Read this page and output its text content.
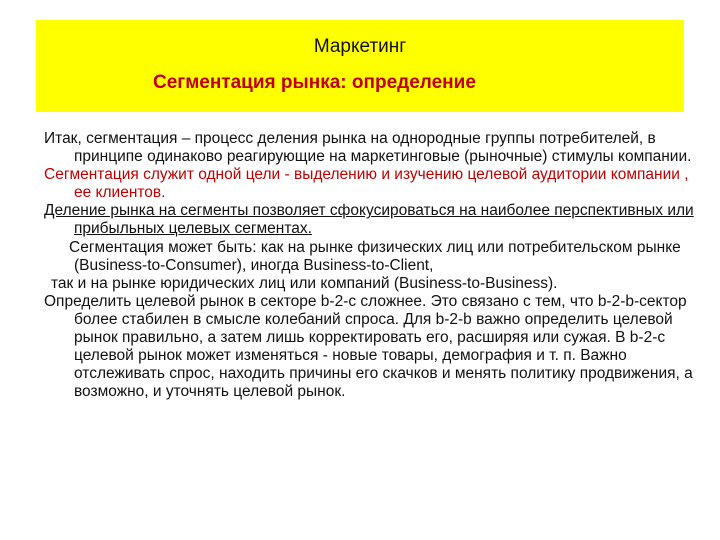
Маркетинг
Сегментация рынка: определение

Итак, сегментация – процесс деления рынка на однородные группы потребителей, в принципе одинаково реагирующие на маркетинговые (рыночные) стимулы компании.

Сегментация служит одной цели - выделению и изучению целевой аудитории компании , ее клиентов.

Деление рынка на сегменты позволяет сфокусироваться на наиболее перспективных или прибыльных целевых сегментах.

Сегментация может быть: как на рынке физических лиц или потребительском рынке (Business-to-Consumer), иногда Business-to-Client,

так и на рынке юридических лиц или компаний (Business-to-Business).

Определить целевой рынок в секторе b-2-c сложнее. Это связано с тем, что b-2-b-сектор более стабилен в смысле колебаний спроса. Для b-2-b важно определить целевой рынок правильно, а затем лишь корректировать его, расширяя или сужая. В b-2-c целевой рынок может изменяться - новые товары, демография и т. п. Важно отслеживать спрос, находить причины его скачков и менять политику продвижения, а возможно, и уточнять целевой рынок.
